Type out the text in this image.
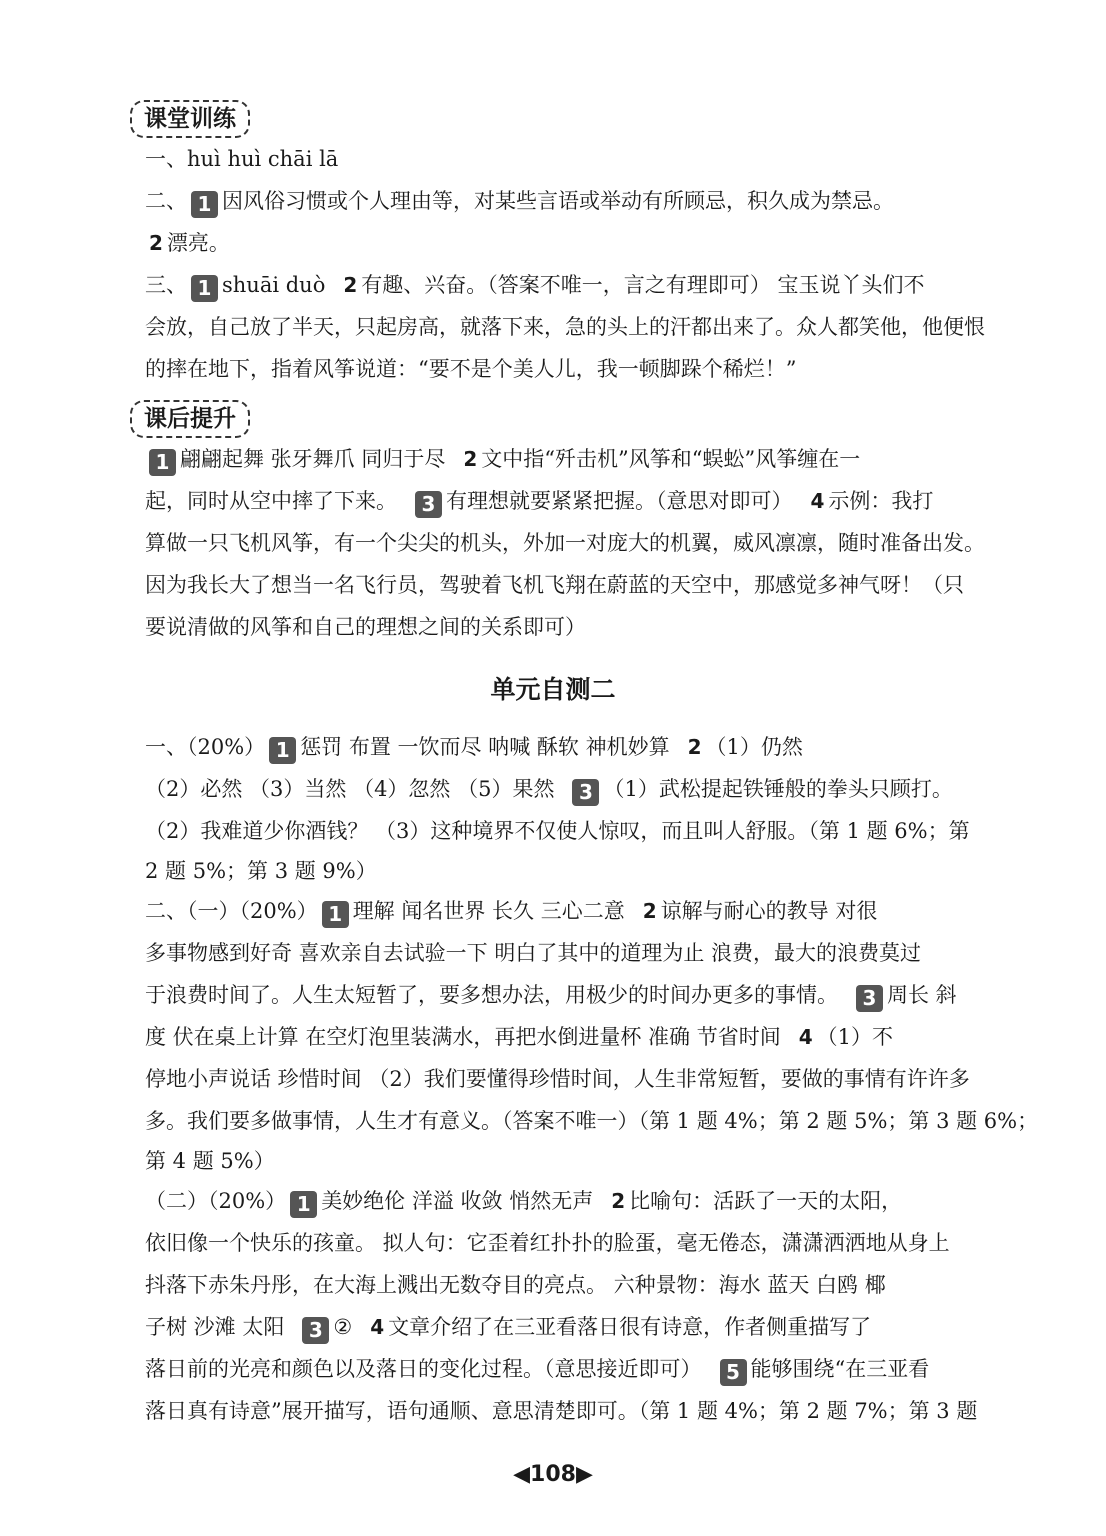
课堂训练
一、huì huì chāi lā
二、 1 因风俗习惯或个人理由等，对某些言语或举动有所顾忌，积久成为禁忌。
2 漂亮。
三、 1 shuāi duò 2 有趣、兴奋。（答案不唯一，言之有理即可） 宝玉说丫头们不
会放，自己放了半天，只起房高，就落下来，急的头上的汗都出来了。众人都笑他，他便恨
的摔在地下，指着风筝说道：“要不是个美人儿，我一顿脚跺个稀烂！”
课后提升
1 翩翩起舞 张牙舞爪 同归于尽 2 文中指“歼击机”风筝和“蜈蚣”风筝缠在一
起，同时从空中摔了下来。 3 有理想就要紧紧把握。（意思对即可） 4 示例：我打
算做一只飞机风筝，有一个尖尖的机头，外加一对庞大的机翼，威风凛凛，随时准备出发。
因为我长大了想当一名飞行员，驾驶着飞机飞翔在蔚蓝的天空中，那感觉多神气呀！（只
要说清做的风筝和自己的理想之间的关系即可）
单元自测二
一、（20%） 1 惩罚 布置 一饮而尽 呐喊 酥软 神机妙算 2 （1）仍然
（2）必然 （3）当然 （4）忽然 （5）果然 3 （1）武松提起铁锤般的拳头只顾打。
（2）我难道少你酒钱？ （3）这种境界不仅使人惊叹，而且叫人舒服。（第 1 题 6%；第
2 题 5%；第 3 题 9%）
二、（一）（20%） 1 理解 闻名世界 长久 三心二意 2 谅解与耐心的教导 对很
多事物感到好奇 喜欢亲自去试验一下 明白了其中的道理为止 浪费，最大的浪费莫过
于浪费时间了。人生太短暂了，要多想办法，用极少的时间办更多的事情。 3 周长 斜
度 伏在桌上计算 在空灯泡里装满水，再把水倒进量杯 准确 节省时间 4 （1）不
停地小声说话 珍惜时间 （2）我们要懂得珍惜时间，人生非常短暂，要做的事情有许许多
多。我们要多做事情，人生才有意义。（答案不唯一）（第 1 题 4%；第 2 题 5%；第 3 题 6%；
第 4 题 5%）
（二）（20%） 1 美妙绝伦 洋溢 收敛 悄然无声 2 比喻句：活跃了一天的太阳，
依旧像一个快乐的孩童。 拟人句：它歪着红扑扑的脸蛋，毫无倦态，潇潇洒洒地从身上
抖落下赤朱丹彤，在大海上溅出无数夺目的亮点。 六种景物：海水 蓝天 白鸥 椰
子树 沙滩 太阳 3 ② 4 文章介绍了在三亚看落日很有诗意，作者侧重描写了
落日前的光亮和颜色以及落日的变化过程。（意思接近即可） 5 能够围绕“在三亚看
落日真有诗意”展开描写，语句通顺、意思清楚即可。（第 1 题 4%；第 2 题 7%；第 3 题
◀108▶
